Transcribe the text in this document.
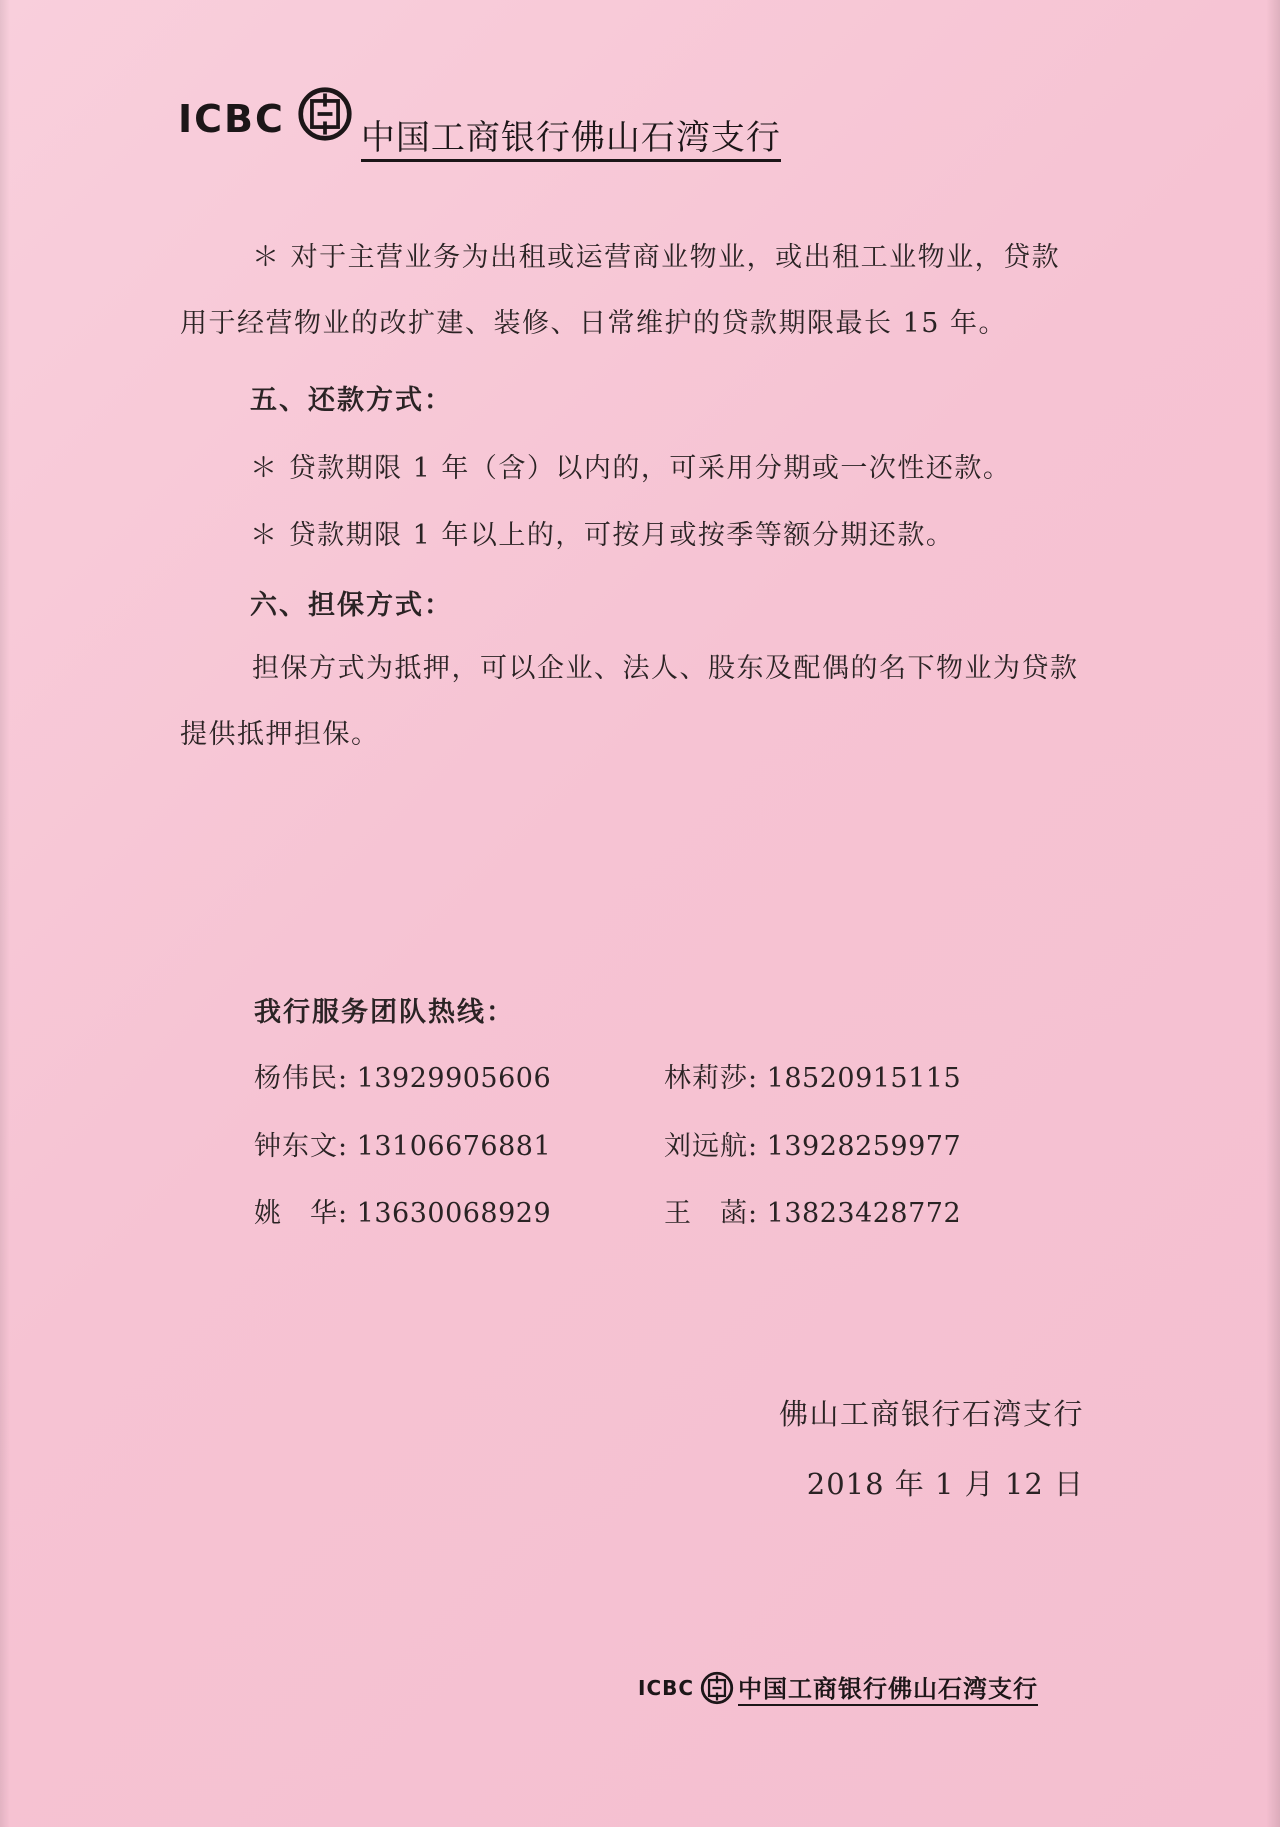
ICBC 中国工商银行佛山石湾支行
＊ 对于主营业务为出租或运营商业物业，或出租工业物业，贷款用于经营物业的改扩建、装修、日常维护的贷款期限最长 15 年。
五、还款方式：
＊ 贷款期限 1 年（含）以内的，可采用分期或一次性还款。
＊ 贷款期限 1 年以上的，可按月或按季等额分期还款。
六、担保方式：
担保方式为抵押，可以企业、法人、股东及配偶的名下物业为贷款提供抵押担保。
我行服务团队热线：
杨伟民: 13929905606	林莉莎: 18520915115
钟东文: 13106676881	刘远航: 13928259977
姚　华: 13630068929	王　菡: 13823428772
佛山工商银行石湾支行
2018 年 1 月 12 日
ICBC 中国工商银行佛山石湾支行
